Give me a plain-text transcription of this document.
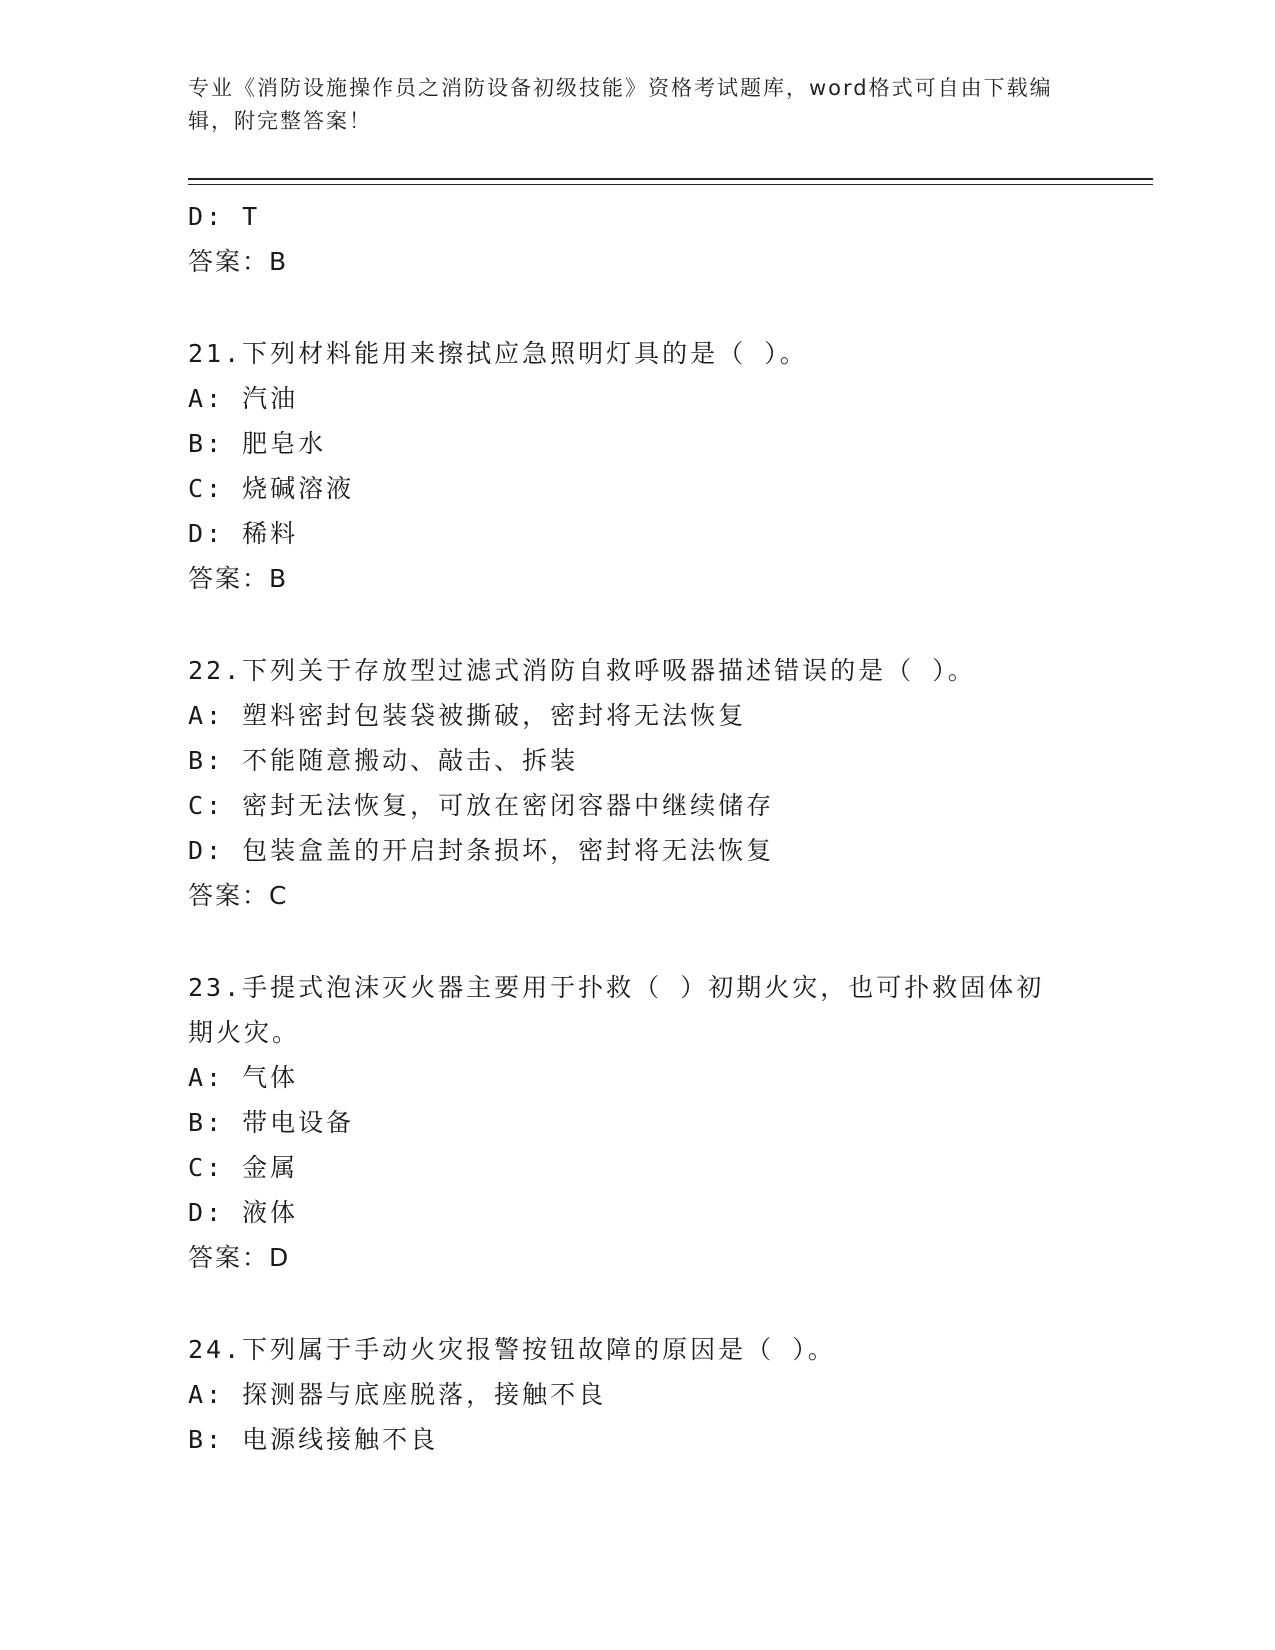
专业《消防设施操作员之消防设备初级技能》资格考试题库，word格式可自由下载编辑，附完整答案！
D: T
答案：B
21.下列材料能用来擦拭应急照明灯具的是（ ）。
A: 汽油
B: 肥皂水
C: 烧碱溶液
D: 稀料
答案：B
22.下列关于存放型过滤式消防自救呼吸器描述错误的是（ ）。
A: 塑料密封包装袋被撕破，密封将无法恢复
B: 不能随意搬动、敲击、拆装
C: 密封无法恢复，可放在密闭容器中继续储存
D: 包装盒盖的开启封条损坏，密封将无法恢复
答案：C
23.手提式泡沫灭火器主要用于扑救（ ）初期火灾，也可扑救固体初期火灾。
A: 气体
B: 带电设备
C: 金属
D: 液体
答案：D
24.下列属于手动火灾报警按钮故障的原因是（ ）。
A: 探测器与底座脱落，接触不良
B: 电源线接触不良
